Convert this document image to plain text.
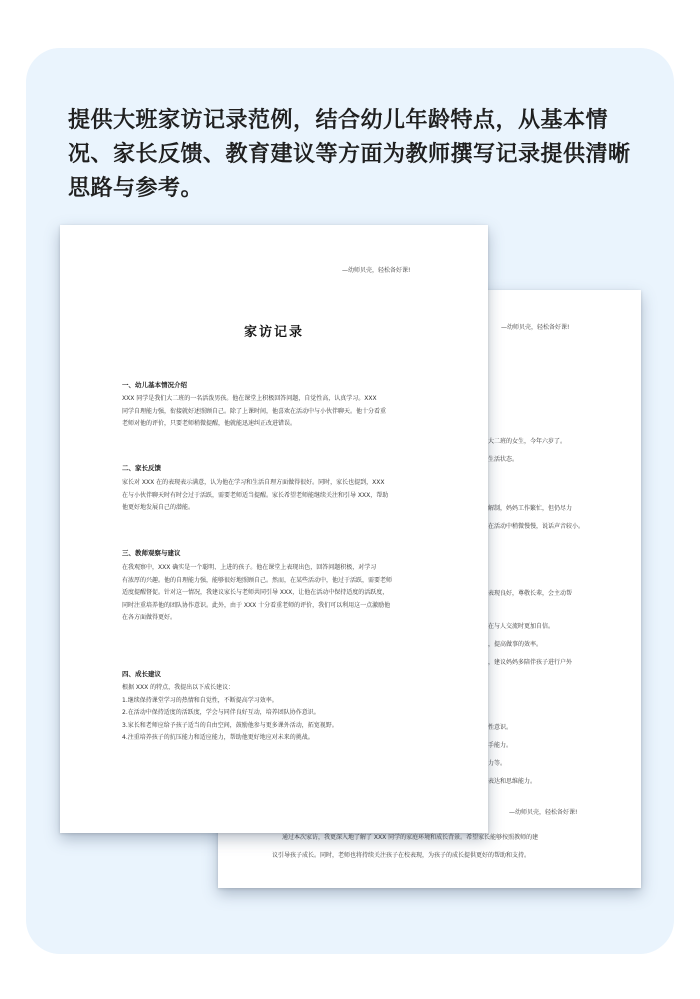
提供大班家访记录范例，结合幼儿年龄特点，从基本情况、家长反馈、教育建议等方面为教师撰写记录提供清晰思路与参考。

—幼师贝壳，轻松备好课!
大二班的女生，今年六岁了。
生活状态。
解制，妈妈工作繁忙，但仍尽力
在活动中稍微慢慢，说话声音较小。
表现良好，尊敬长辈，会主动帮
在与人交流时更加自信。
，提高做事的效率。
，建议妈妈多陪伴孩子进行户外
性意识。
手能力。
力等。
表达和思维能力。
—幼师贝壳，轻松备好课!
通过本次家访，我更深入地了解了 XXX 同学的家庭环境和成长背景。希望家长能够按照教师的建
议引导孩子成长。同时，老师也将持续关注孩子在校表现，为孩子的成长提供更好的帮助和支持。
—幼师贝壳，轻松备好课!
家访记录
一、幼儿基本情况介绍

XXX 同学是我们大二班的一名活泼男孩。他在课堂上积极回答问题，自觉性高，认真学习。XXX

同学自理能力强，衔接就好述照顾自己。除了上课时间，他喜欢在活动中与小伙伴聊天。他十分看重

老师对他的评价，只要老师稍微提醒，他就能迅速纠正改进错误。

二、家长反馈

家长对 XXX 在的表现表示满意，认为他在学习和生活自理方面做得很好。同时，家长也提到，XXX

在与小伙伴聊天时有时会过于活跃，需要老师适当提醒。家长希望老师能继续关注和引导 XXX，帮助

他更好地发展自己的潜能。

三、教师观察与建议

在我观察中，XXX 确实是一个聪明、上进的孩子。他在课堂上表现出色，回答问题积极，对学习

有浓厚的兴趣。他的自理能力强，能够很好地照顾自己。然而，在某些活动中，他过于活跃，需要老师

适度提醒督促。针对这一情况，我建议家长与老师共同引导 XXX，让他在活动中保持适度的活跃度，

同时注重培养他的团队协作意识。此外，由于 XXX 十分看重老师的评价，我们可以利用这一点激励他

在各方面做得更好。

四、成长建议

根据 XXX 的特点，我提出以下成长建议：

1.继续保持课堂学习的热情和自觉性，不断提高学习效率。

2.在活动中保持适度的活跃度，学会与同伴良好互动，培养团队协作意识。

3.家长和老师应给予孩子适当的自由空间，鼓励他参与更多课外活动，拓宽视野。

4.注重培养孩子的抗压能力和适应能力，帮助他更好地应对未来的挑战。
